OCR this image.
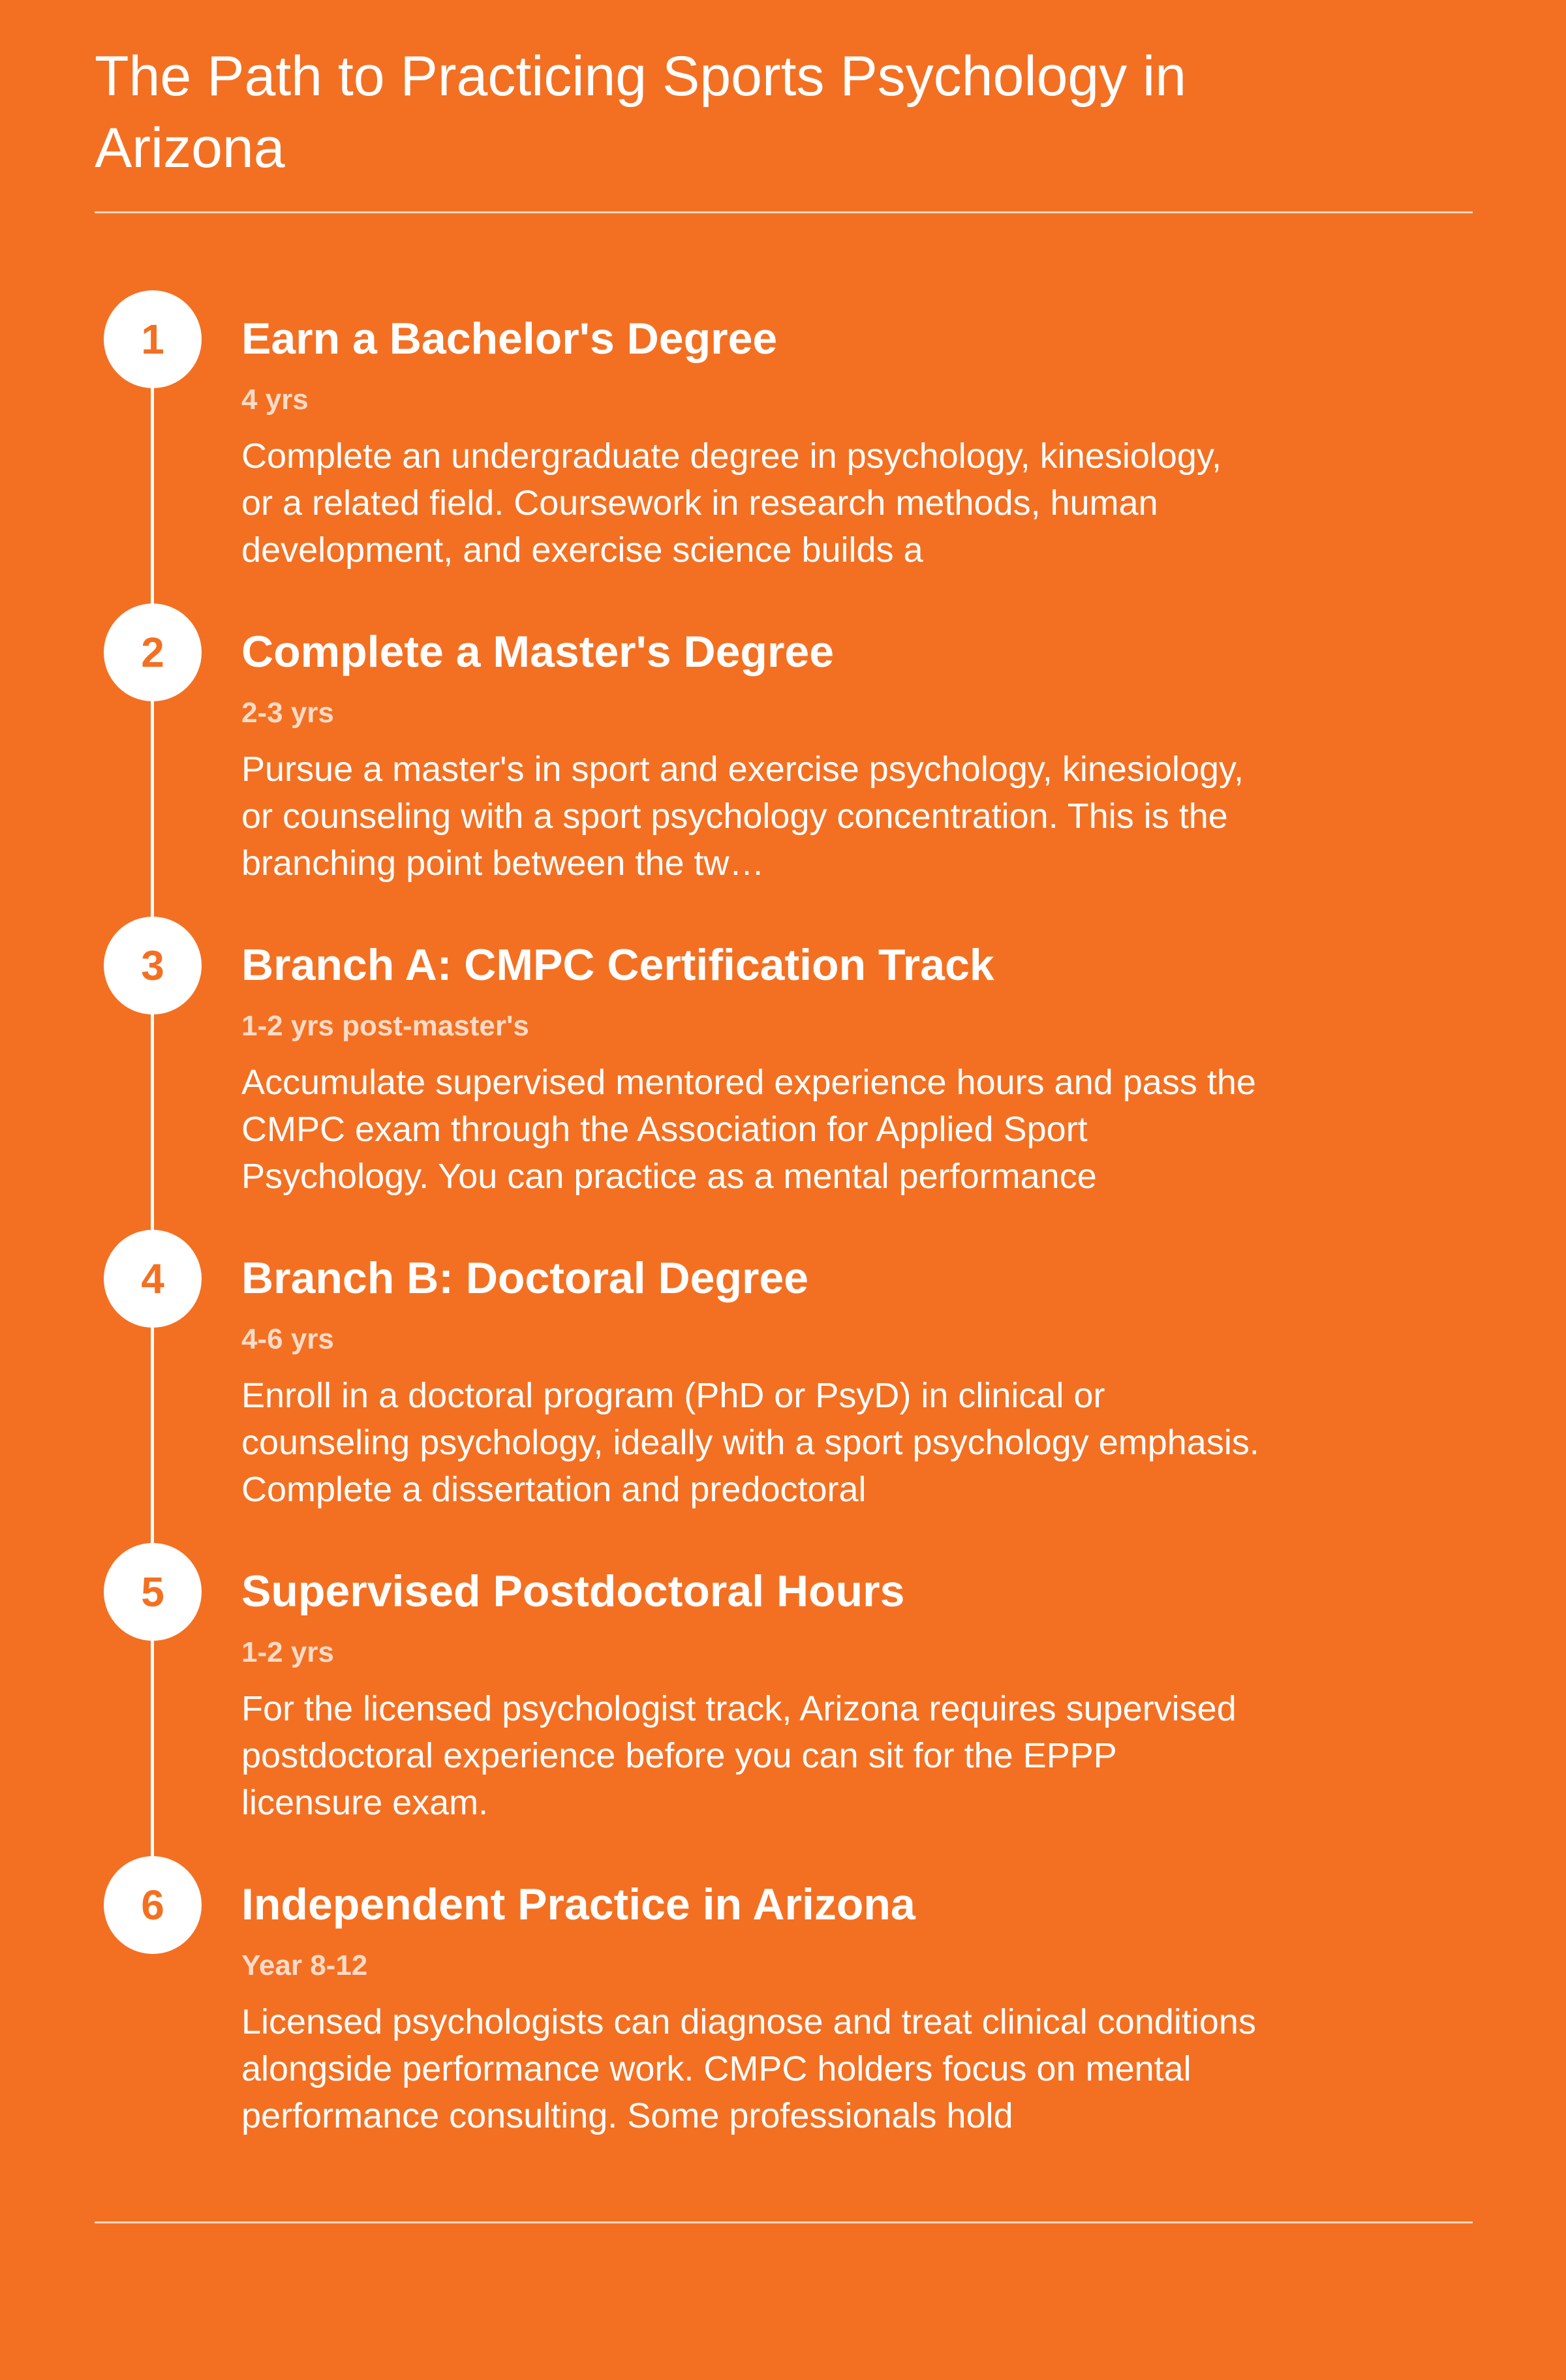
The Path to Practicing Sports Psychology in Arizona
1	Earn a Bachelor's Degree
4 yrs

Complete an undergraduate degree in psychology, kinesiology, or a related field. Coursework in research methods, human development, and exercise science builds a

2	Complete a Master's Degree
2-3 yrs

Pursue a master's in sport and exercise psychology, kinesiology, or counseling with a sport psychology concentration. This is the branching point between the tw…

3	Branch A: CMPC Certification Track
1-2 yrs post-master's

Accumulate supervised mentored experience hours and pass the CMPC exam through the Association for Applied Sport Psychology. You can practice as a mental performance

4	Branch B: Doctoral Degree
4-6 yrs

Enroll in a doctoral program (PhD or PsyD) in clinical or counseling psychology, ideally with a sport psychology emphasis. Complete a dissertation and predoctoral

5	Supervised Postdoctoral Hours
1-2 yrs

For the licensed psychologist track, Arizona requires supervised postdoctoral experience before you can sit for the EPPP licensure exam.

6	Independent Practice in Arizona
Year 8-12

Licensed psychologists can diagnose and treat clinical conditions alongside performance work. CMPC holders focus on mental performance consulting. Some professionals hold
